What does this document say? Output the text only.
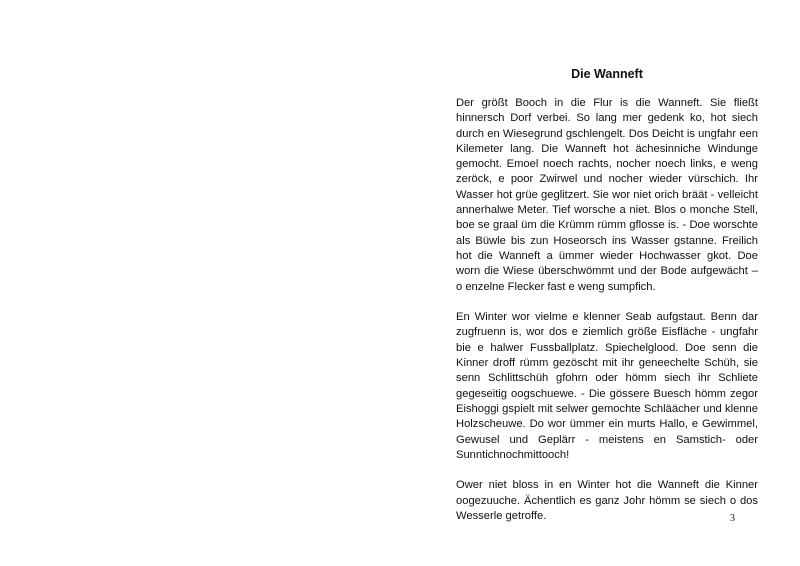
Die Wanneft

Der größt Booch in die Flur is die Wanneft. Sie fließt hinnersch Dorf verbei. So lang mer gedenk ko, hot siech durch en Wiesegrund gschlengelt. Dos Deicht is ungfahr een Kilemeter lang. Die Wanneft hot ächesinniche Windunge gemocht. Emoel noech rachts, nocher noech links, e weng zeröck, e poor Zwirwel und nocher wieder vürschich. Ihr Wasser hot grüe geglitzert. Sie wor niet orich bräät - velleicht annerhalwe Meter. Tief worsche a niet. Blos o monche Stell, boe se graal üm die Krümm rümm gflosse is. - Doe worschte als Büwle bis zun Hoseorsch ins Wasser gstanne. Freilich hot die Wanneft a ümmer wieder Hochwasser gkot. Doe worn die Wiese überschwömmt und der Bode aufgewächt – o enzelne Flecker fast e weng sumpfich.

En Winter wor vielme e klenner Seab aufgstaut. Benn dar zugfruenn is, wor dos e ziemlich größe Eisfläche - ungfahr bie e halwer Fussballplatz. Spiechelglood. Doe senn die Kinner droff rümm gezöscht mit ihr geneechelte Schüh, sie senn Schlittschüh gfohrn oder hömm siech ihr Schliete gegeseitig oogschuewe. - Die gössere Buesch hömm zegor Eishoggi gspielt mit selwer gemochte Schläächer und klenne Holzscheuwe. Do wor ümmer ein murts Hallo, e Gewimmel, Gewusel und Geplärr - meistens en Samstich- oder Sunntichnochmittooch!

Ower niet bloss in en Winter hot die Wanneft die Kinner oogezuuche. Ächentlich es ganz Johr hömm se siech o dos Wesserle getroffe.	3
